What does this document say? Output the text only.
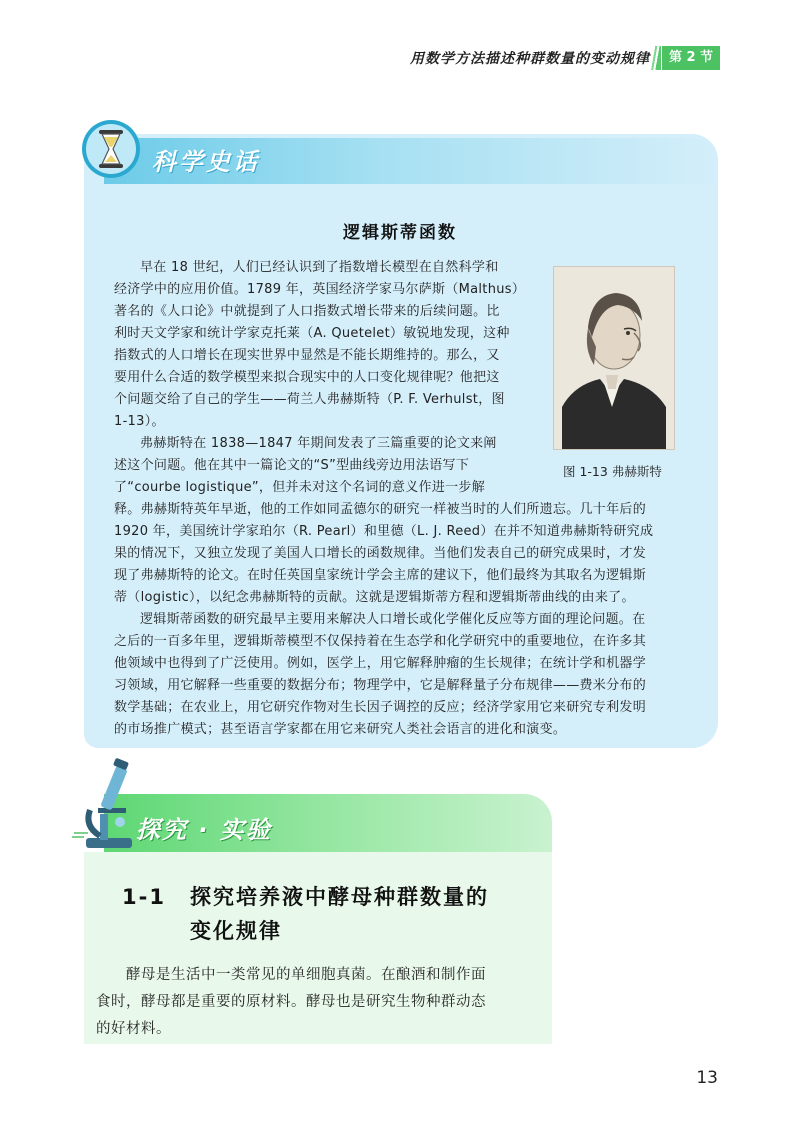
用数学方法描述种群数量的变动规律	第 2 节
科学史话
逻辑斯蒂函数

早在 18 世纪，人们已经认识到了指数增长模型在自然科学和
经济学中的应用价值。1789 年，英国经济学家马尔萨斯（Malthus）
著名的《人口论》中就提到了人口指数式增长带来的后续问题。比
利时天文学家和统计学家克托莱（A. Quetelet）敏锐地发现，这种
指数式的人口增长在现实世界中显然是不能长期维持的。那么，又
要用什么合适的数学模型来拟合现实中的人口变化规律呢？他把这
个问题交给了自己的学生——荷兰人弗赫斯特（P. F. Verhulst，图
1-13）。

弗赫斯特在 1838—1847 年期间发表了三篇重要的论文来阐
述这个问题。他在其中一篇论文的“S”型曲线旁边用法语写下
了“courbe logistique”，但并未对这个名词的意义作进一步解

释。弗赫斯特英年早逝，他的工作如同孟德尔的研究一样被当时的人们所遗忘。几十年后的
1920 年，美国统计学家珀尔（R. Pearl）和里德（L. J. Reed）在并不知道弗赫斯特研究成
果的情况下，又独立发现了美国人口增长的函数规律。当他们发表自己的研究成果时，才发
现了弗赫斯特的论文。在时任英国皇家统计学会主席的建议下，他们最终为其取名为逻辑斯
蒂（logistic），以纪念弗赫斯特的贡献。这就是逻辑斯蒂方程和逻辑斯蒂曲线的由来了。

逻辑斯蒂函数的研究最早主要用来解决人口增长或化学催化反应等方面的理论问题。在
之后的一百多年里，逻辑斯蒂模型不仅保持着在生态学和化学研究中的重要地位，在许多其
他领域中也得到了广泛使用。例如，医学上，用它解释肿瘤的生长规律；在统计学和机器学
习领域，用它解释一些重要的数据分布；物理学中，它是解释量子分布规律——费米分布的
数学基础；在农业上，用它研究作物对生长因子调控的反应；经济学家用它来研究专利发明
的市场推广模式；甚至语言学家都在用它来研究人类社会语言的进化和演变。

图 1-13 弗赫斯特
探究 · 实验
1-1 探究培养液中酵母种群数量的
变化规律

酵母是生活中一类常见的单细胞真菌。在酿酒和制作面
食时，酵母都是重要的原材料。酵母也是研究生物种群动态
的好材料。

13
